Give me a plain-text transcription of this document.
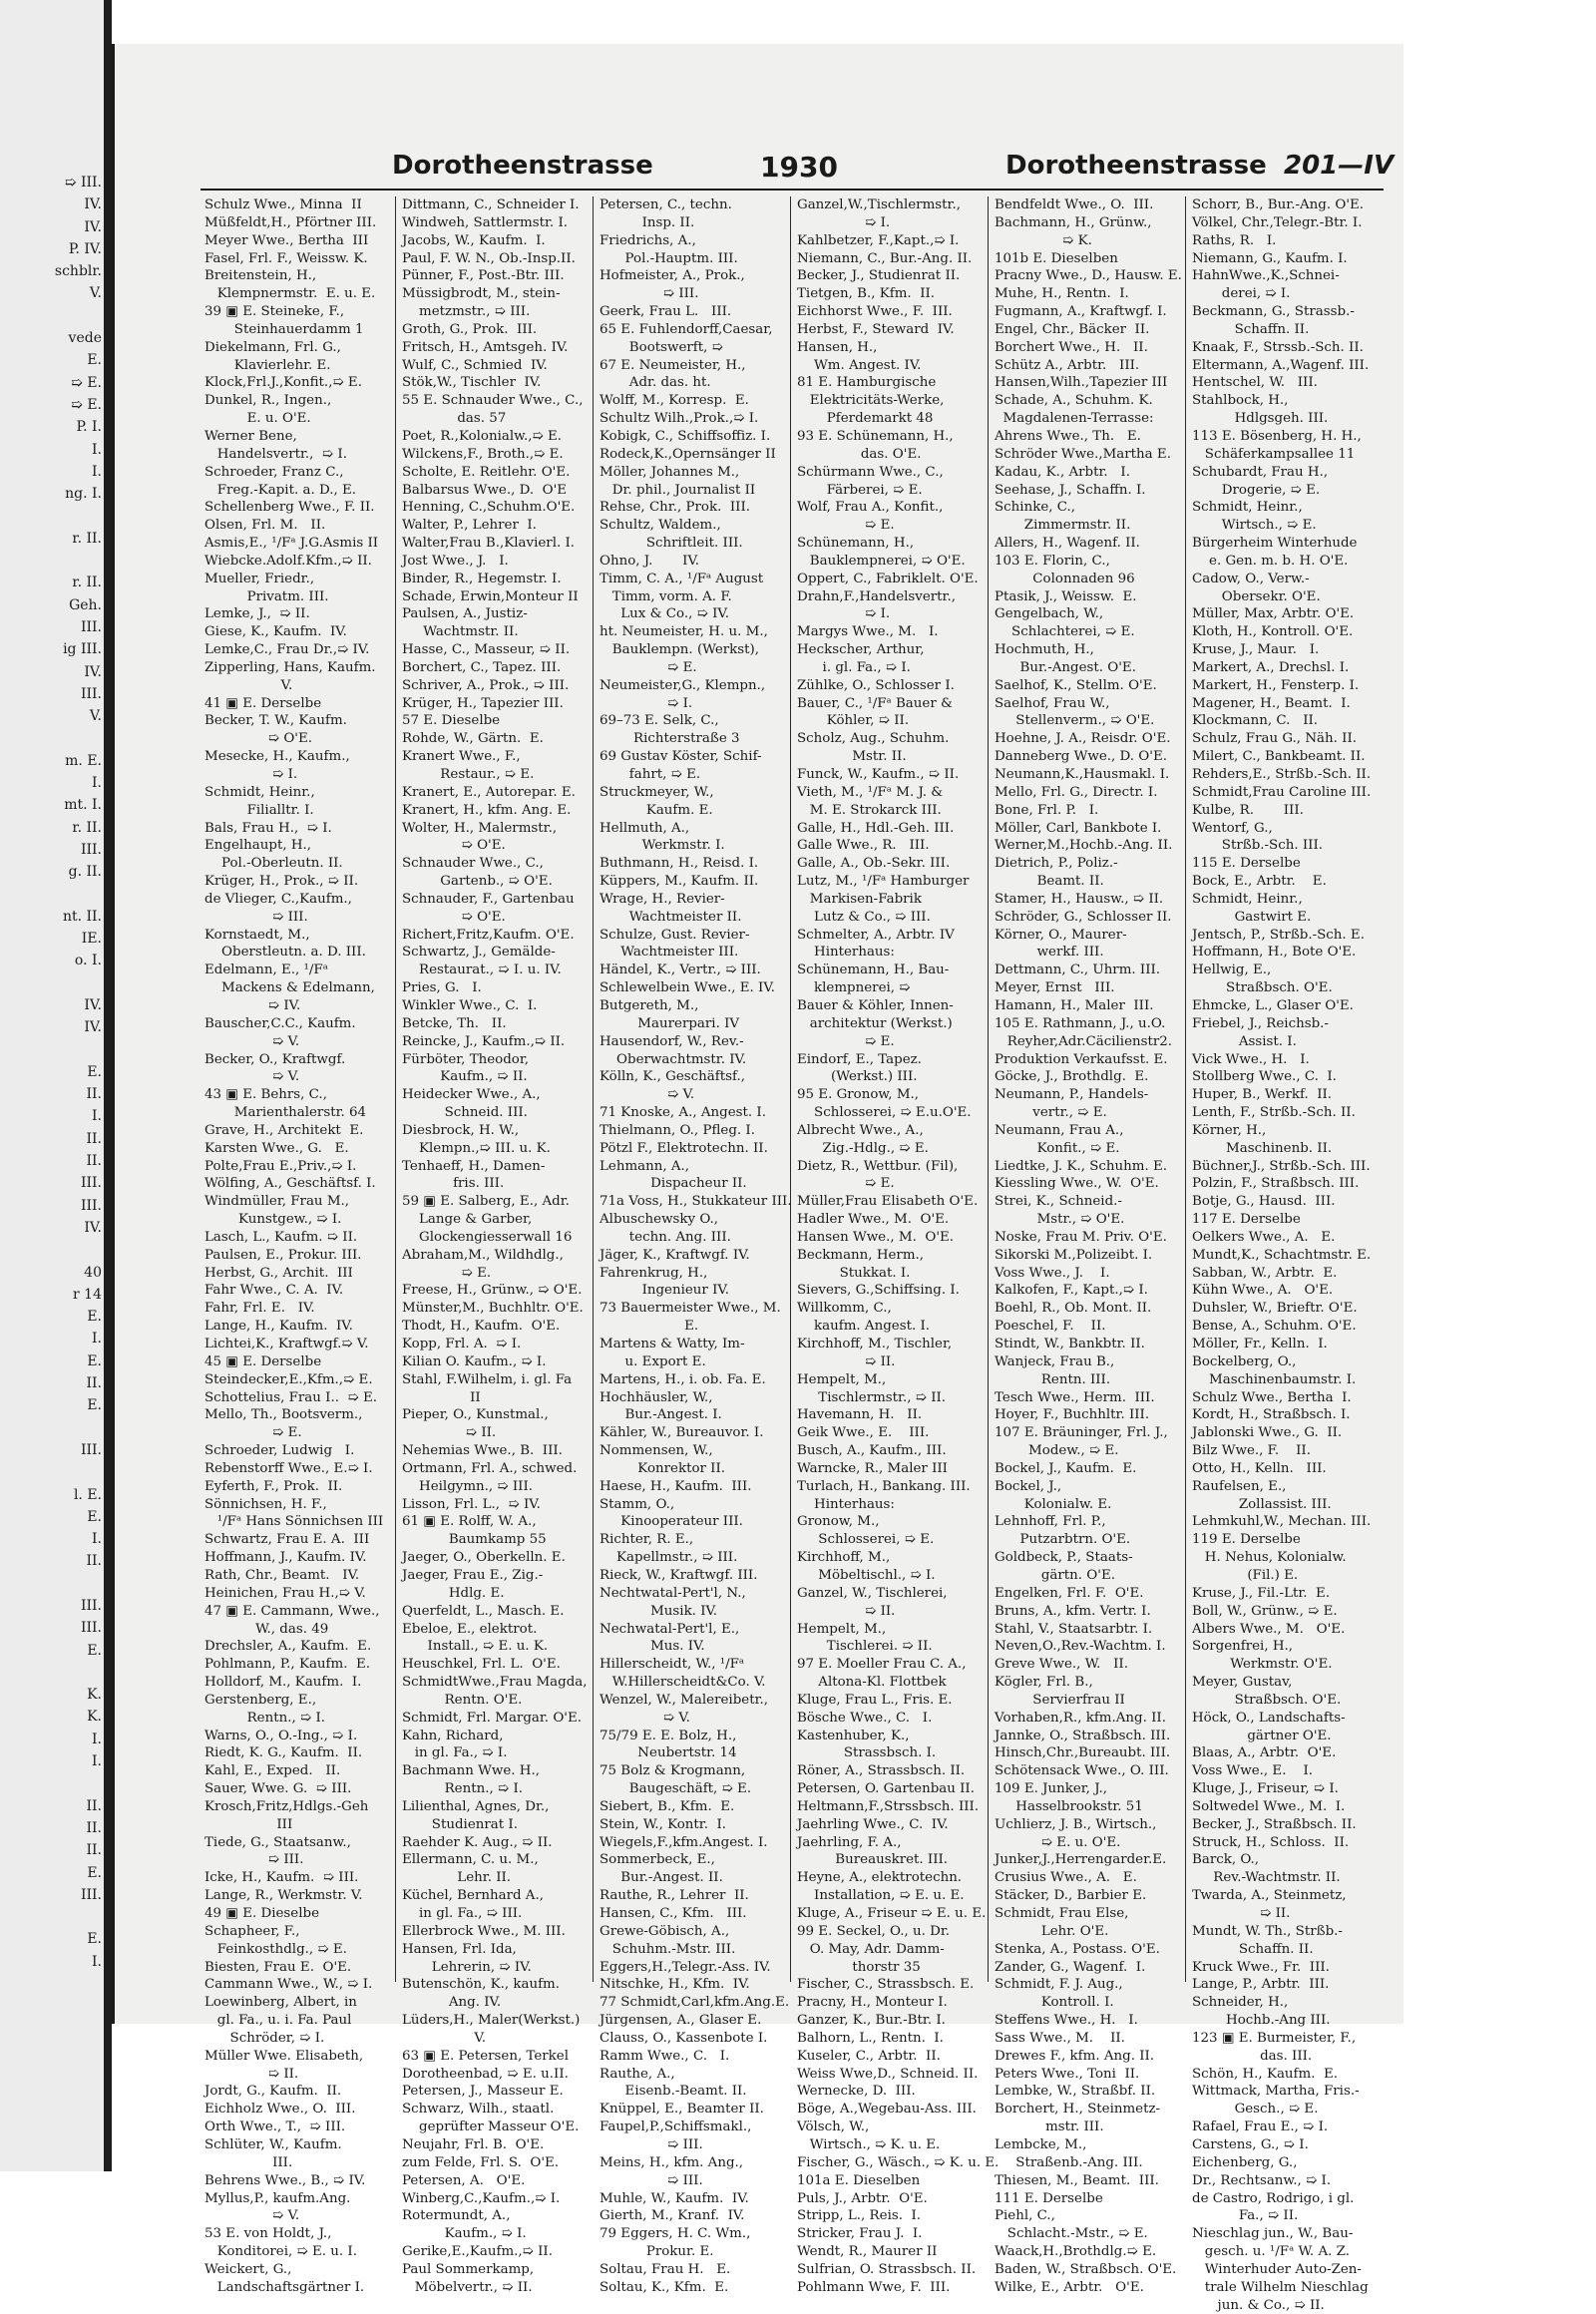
➯ III.
IV.
IV.
P. IV.
schblr.
V.

vede
E.
➯ E.
➯ E.
P. I.
I.
I.
ng. I.

r. II.

r. II.
Geh.
III.
ig III.
IV.
III.
V.

m. E.
I.
mt. I.
r. II.
III.
g. II.

nt. II.
IE.
o. I.

IV.
IV.

E.
II.
I.
II.
II.
III.
III.
IV.

40
r 14
E.
I.
E.
II.
E.

III.

l. E.
E.
I.
II.

III.
III.
E.

K.
K.
I.
I.

II.
II.
II.
E.
III.

E.
I.
Dorotheenstrasse	1930	Dorotheenstrasse 201—IV
Schulz Wwe., Minna  II
Müßfeldt,H., Pförtner III.
Meyer Wwe., Bertha  III
Fasel, Frl. F., Weissw. K.
Breitenstein, H.,
Klempnermstr.  E. u. E.
39 ▣ E. Steineke, F.,
Steinhauerdamm 1
Diekelmann, Frl. G.,
Klavierlehr. E.
Klock,Frl.J.,Konfit.,➯ E.
Dunkel, R., Ingen.,
E. u. O'E.
Werner Bene,
Handelsvertr.,  ➯ I.
Schroeder, Franz C.,
Freg.-Kapit. a. D., E.
Schellenberg Wwe., F. II.
Olsen, Frl. M.   II.
Asmis,E., ¹/Fᵃ J.G.Asmis II
Wiebcke.Adolf.Kfm.,➯ II.
Mueller, Friedr.,
Privatm. III.
Lemke, J.,  ➯ II.
Giese, K., Kaufm.  IV.
Lemke,C., Frau Dr.,➯ IV.
Zipperling, Hans, Kaufm.
V.
41 ▣ E. Derselbe
Becker, T. W., Kaufm.
➯ O'E.
Mesecke, H., Kaufm.,
➯ I.
Schmidt, Heinr.,
Filialltr. I.
Bals, Frau H.,  ➯ I.
Engelhaupt, H.,
Pol.-Oberleutn. II.
Krüger, H., Prok., ➯ II.
de Vlieger, C.,Kaufm.,
➯ III.
Kornstaedt, M.,
Oberstleutn. a. D. III.
Edelmann, E., ¹/Fᵃ
Mackens & Edelmann,
➯ IV.
Bauscher,C.C., Kaufm.
➯ V.
Becker, O., Kraftwgf.
➯ V.
43 ▣ E. Behrs, C.,
Marienthalerstr. 64
Grave, H., Architekt  E.
Karsten Wwe., G.   E.
Polte,Frau E.,Priv.,➯ I.
Wölfing, A., Geschäftsf. I.
Windmüller, Frau M.,
Kunstgew., ➯ I.
Lasch, L., Kaufm. ➯ II.
Paulsen, E., Prokur. III.
Herbst, G., Archit.  III
Fahr Wwe., C. A.  IV.
Fahr, Frl. E.   IV.
Lange, H., Kaufm.  IV.
Lichtei,K., Kraftwgf.➯ V.
45 ▣ E. Derselbe
Steindecker,E.,Kfm.,➯ E.
Schottelius, Frau I..  ➯ E.
Mello, Th., Bootsverm.,
➯ E.
Schroeder, Ludwig   I.
Rebenstorff Wwe., E.➯ I.
Eyferth, F., Prok.  II.
Sönnichsen, H. F.,
¹/Fᵃ Hans Sönnichsen III
Schwartz, Frau E. A.  III
Hoffmann, J., Kaufm. IV.
Rath, Chr., Beamt.   IV.
Heinichen, Frau H.,➯ V.
47 ▣ E. Cammann, Wwe.,
W., das. 49
Drechsler, A., Kaufm.  E.
Pohlmann, P., Kaufm.  E.
Holldorf, M., Kaufm.  I.
Gerstenberg, E.,
Rentn., ➯ I.
Warns, O., O.-Ing., ➯ I.
Riedt, K. G., Kaufm.  II.
Kahl, E., Exped.   II.
Sauer, Wwe. G.  ➯ III.
Krosch,Fritz,Hdlgs.-Geh
III
Tiede, G., Staatsanw.,
➯ III.
Icke, H., Kaufm.  ➯ III.
Lange, R., Werkmstr. V.
49 ▣ E. Dieselbe
Schapheer, F.,
Feinkosthdlg., ➯ E.
Biesten, Frau E.  O'E.
Cammann Wwe., W., ➯ I.
Loewinberg, Albert, in
gl. Fa., u. i. Fa. Paul
Schröder, ➯ I.
Müller Wwe. Elisabeth,
➯ II.
Jordt, G., Kaufm.  II.
Eichholz Wwe., O.  III.
Orth Wwe., T.,  ➯ III.
Schlüter, W., Kaufm.
III.
Behrens Wwe., B., ➯ IV.
Myllus,P., kaufm.Ang.
➯ V.
53 E. von Holdt, J.,
Konditorei, ➯ E. u. I.
Weickert, G.,
Landschaftsgärtner I.
Dittmann, C., Schneider I.
Windweh, Sattlermstr. I.
Jacobs, W., Kaufm.  I.
Paul, F. W. N., Ob.-Insp.II.
Pünner, F., Post.-Btr. III.
Müssigbrodt, M., stein-
metzmstr., ➯ III.
Groth, G., Prok.  III.
Fritsch, H., Amtsgeh. IV.
Wulf, C., Schmied  IV.
Stök,W., Tischler  IV.
55 E. Schnauder Wwe., C.,
das. 57
Poet, R.,Kolonialw.,➯ E.
Wilckens,F., Broth.,➯ E.
Scholte, E. Reitlehr. O'E.
Balbarsus Wwe., D.  O'E
Henning, C.,Schuhm.O'E.
Walter, P., Lehrer  I.
Walter,Frau B.,Klavierl. I.
Jost Wwe., J.   I.
Binder, R., Hegemstr. I.
Schade, Erwin,Monteur II
Paulsen, A., Justiz-
Wachtmstr. II.
Hasse, C., Masseur, ➯ II.
Borchert, C., Tapez. III.
Schriver, A., Prok., ➯ III.
Krüger, H., Tapezier III.
57 E. Dieselbe
Rohde, W., Gärtn.  E.
Kranert Wwe., F.,
Restaur., ➯ E.
Kranert, E., Autorepar. E.
Kranert, H., kfm. Ang. E.
Wolter, H., Malermstr.,
➯ O'E.
Schnauder Wwe., C.,
Gartenb., ➯ O'E.
Schnauder, F., Gartenbau
➯ O'E.
Richert,Fritz,Kaufm. O'E.
Schwartz, J., Gemälde-
Restaurat., ➯ I. u. IV.
Pries, G.   I.
Winkler Wwe., C.  I.
Betcke, Th.   II.
Reincke, J., Kaufm.,➯ II.
Fürböter, Theodor,
Kaufm., ➯ II.
Heidecker Wwe., A.,
Schneid. III.
Diesbrock, H. W.,
Klempn.,➯ III. u. K.
Tenhaeff, H., Damen-
fris. III.
59 ▣ E. Salberg, E., Adr.
Lange & Garber,
Glockengiesserwall 16
Abraham,M., Wildhdlg.,
➯ E.
Freese, H., Grünw., ➯ O'E.
Münster,M., Buchhltr. O'E.
Thodt, H., Kaufm.  O'E.
Kopp, Frl. A.  ➯ I.
Kilian O. Kaufm., ➯ I.
Stahl, F.Wilhelm, i. gl. Fa
II
Pieper, O., Kunstmal.,
➯ II.
Nehemias Wwe., B.  III.
Ortmann, Frl. A., schwed.
Heilgymn., ➯ III.
Lisson, Frl. L.,  ➯ IV.
61 ▣ E. Rolff, W. A.,
Baumkamp 55
Jaeger, O., Oberkelln. E.
Jaeger, Frau E., Zig.-
Hdlg. E.
Querfeldt, L., Masch. E.
Ebeloe, E., elektrot.
Install., ➯ E. u. K.
Heuschkel, Frl. L.  O'E.
SchmidtWwe.,Frau Magda,
Rentn. O'E.
Schmidt, Frl. Margar. O'E.
Kahn, Richard,
in gl. Fa., ➯ I.
Bachmann Wwe. H.,
Rentn., ➯ I.
Lilienthal, Agnes, Dr.,
Studienrat I.
Raehder K. Aug., ➯ II.
Ellermann, C. u. M.,
Lehr. II.
Küchel, Bernhard A.,
in gl. Fa., ➯ III.
Ellerbrock Wwe., M. III.
Hansen, Frl. Ida,
Lehrerin, ➯ IV.
Butenschön, K., kaufm.
Ang. IV.
Lüders,H., Maler(Werkst.)
V.
63 ▣ E. Petersen, Terkel
Dorotheenbad, ➯ E. u.II.
Petersen, J., Masseur E.
Schwarz, Wilh., staatl.
geprüfter Masseur O'E.
Neujahr, Frl. B.  O'E.
zum Felde, Frl. S.  O'E.
Petersen, A.   O'E.
Winberg,C.,Kaufm.,➯ I.
Rotermundt, A.,
Kaufm., ➯ I.
Gerike,E.,Kaufm.,➯ II.
Paul Sommerkamp,
Möbelvertr., ➯ II.
Petersen, C., techn.
Insp. II.
Friedrichs, A.,
Pol.-Hauptm. III.
Hofmeister, A., Prok.,
➯ III.
Geerk, Frau L.   III.
65 E. Fuhlendorff,Caesar,
Bootswerft, ➯
67 E. Neumeister, H.,
Adr. das. ht.
Wolff, M., Korresp.  E.
Schultz Wilh.,Prok.,➯ I.
Kobigk, C., Schiffsoffiz. I.
Rodeck,K.,Opernsänger II
Möller, Johannes M.,
Dr. phil., Journalist II
Rehse, Chr., Prok.  III.
Schultz, Waldem.,
Schriftleit. III.
Ohno, J.       IV.
Timm, C. A., ¹/Fᵃ August
Timm, vorm. A. F.
Lux & Co., ➯ IV.
ht. Neumeister, H. u. M.,
Bauklempn. (Werkst),
➯ E.
Neumeister,G., Klempn.,
➯ I.
69–73 E. Selk, C.,
Richterstraße 3
69 Gustav Köster, Schif-
fahrt, ➯ E.
Struckmeyer, W.,
Kaufm. E.
Hellmuth, A.,
Werkmstr. I.
Buthmann, H., Reisd. I.
Küppers, M., Kaufm. II.
Wrage, H., Revier-
Wachtmeister II.
Schulze, Gust. Revier-
Wachtmeister III.
Händel, K., Vertr., ➯ III.
Schlewelbein Wwe., E. IV.
Butgereth, M.,
Maurerpari. IV
Hausendorf, W., Rev.-
Oberwachtmstr. IV.
Kölln, K., Geschäftsf.,
➯ V.
71 Knoske, A., Angest. I.
Thielmann, O., Pfleg. I.
Pötzl F., Elektrotechn. II.
Lehmann, A.,
Dispacheur II.
71a Voss, H., Stukkateur III.
Albuschewsky O.,
techn. Ang. III.
Jäger, K., Kraftwgf. IV.
Fahrenkrug, H.,
Ingenieur IV.
73 Bauermeister Wwe., M.
E.
Martens & Watty, Im-
u. Export E.
Martens, H., i. ob. Fa. E.
Hochhäusler, W.,
Bur.-Angest. I.
Kähler, W., Bureauvor. I.
Nommensen, W.,
Konrektor II.
Haese, H., Kaufm.  III.
Stamm, O.,
Kinooperateur III.
Richter, R. E.,
Kapellmstr., ➯ III.
Rieck, W., Kraftwgf. III.
Nechtwatal-Pert'l, N.,
Musik. IV.
Nechwatal-Pert'l, E.,
Mus. IV.
Hillerscheidt, W., ¹/Fᵃ
W.Hillerscheidt&Co. V.
Wenzel, W., Malereibetr.,
➯ V.
75/79 E. E. Bolz, H.,
Neubertstr. 14
75 Bolz & Krogmann,
Baugeschäft, ➯ E.
Siebert, B., Kfm.  E.
Stein, W., Kontr.  I.
Wiegels,F.,kfm.Angest. I.
Sommerbeck, E.,
Bur.-Angest. II.
Rauthe, R., Lehrer  II.
Hansen, C., Kfm.   III.
Grewe-Göbisch, A.,
Schuhm.-Mstr. III.
Eggers,H.,Telegr.-Ass. IV.
Nitschke, H., Kfm.  IV.
77 Schmidt,Carl,kfm.Ang.E.
Jürgensen, A., Glaser E.
Clauss, O., Kassenbote I.
Ramm Wwe., C.   I.
Rauthe, A.,
Eisenb.-Beamt. II.
Knüppel, E., Beamter II.
Faupel,P.,Schiffsmakl.,
➯ III.
Meins, H., kfm. Ang.,
➯ III.
Muhle, W., Kaufm.  IV.
Gierth, M., Kranf.  IV.
79 Eggers, H. C. Wm.,
Prokur. E.
Soltau, Frau H.   E.
Soltau, K., Kfm.  E.
Ganzel,W.,Tischlermstr.,
➯ I.
Kahlbetzer, F.,Kapt.,➯ I.
Niemann, C., Bur.-Ang. II.
Becker, J., Studienrat II.
Tietgen, B., Kfm.  II.
Eichhorst Wwe., F.  III.
Herbst, F., Steward  IV.
Hansen, H.,
Wm. Angest. IV.
81 E. Hamburgische
Elektricitäts-Werke,
Pferdemarkt 48
93 E. Schünemann, H.,
das. O'E.
Schürmann Wwe., C.,
Färberei, ➯ E.
Wolf, Frau A., Konfit.,
➯ E.
Schünemann, H.,
Bauklempnerei, ➯ O'E.
Oppert, C., Fabriklelt. O'E.
Drahn,F.,Handelsvertr.,
➯ I.
Margys Wwe., M.   I.
Heckscher, Arthur,
i. gl. Fa., ➯ I.
Zühlke, O., Schlosser I.
Bauer, C., ¹/Fᵃ Bauer &
Köhler, ➯ II.
Scholz, Aug., Schuhm.
Mstr. II.
Funck, W., Kaufm., ➯ II.
Vieth, M., ¹/Fᵃ M. J. &
M. E. Strokarck III.
Galle, H., Hdl.-Geh. III.
Galle Wwe., R.   III.
Galle, A., Ob.-Sekr. III.
Lutz, M., ¹/Fᵃ Hamburger
Markisen-Fabrik
Lutz & Co., ➯ III.
Schmelter, A., Arbtr. IV
Hinterhaus:
Schünemann, H., Bau-
klempnerei, ➯
Bauer & Köhler, Innen-
architektur (Werkst.)
➯ E.
Eindorf, E., Tapez.
(Werkst.) III.
95 E. Gronow, M.,
Schlosserei, ➯ E.u.O'E.
Albrecht Wwe., A.,
Zig.-Hdlg., ➯ E.
Dietz, R., Wettbur. (Fil),
➯ E.
Müller,Frau Elisabeth O'E.
Hadler Wwe., M.  O'E.
Hansen Wwe., M.  O'E.
Beckmann, Herm.,
Stukkat. I.
Sievers, G.,Schiffsing. I.
Willkomm, C.,
kaufm. Angest. I.
Kirchhoff, M., Tischler,
➯ II.
Hempelt, M.,
Tischlermstr., ➯ II.
Havemann, H.   II.
Geik Wwe., E.    III.
Busch, A., Kaufm., III.
Warncke, R., Maler III
Turlach, H., Bankang. III.
Hinterhaus:
Gronow, M.,
Schlosserei, ➯ E.
Kirchhoff, M.,
Möbeltischl., ➯ I.
Ganzel, W., Tischlerei,
➯ II.
Hempelt, M.,
Tischlerei. ➯ II.
97 E. Moeller Frau C. A.,
Altona-Kl. Flottbek
Kluge, Frau L., Fris. E.
Bösche Wwe., C.   I.
Kastenhuber, K.,
Strassbsch. I.
Röner, A., Strassbsch. II.
Petersen, O. Gartenbau II.
Heltmann,F.,Strssbsch. III.
Jaehrling Wwe., C.  IV.
Jaehrling, F. A.,
Bureauskret. III.
Heyne, A., elektrotechn.
Installation, ➯ E. u. E.
Kluge, A., Friseur ➯ E. u. E.
99 E. Seckel, O., u. Dr.
O. May, Adr. Damm-
thorstr 35
Fischer, C., Strassbsch. E.
Pracny, H., Monteur I.
Ganzer, K., Bur.-Btr. I.
Balhorn, L., Rentn.  I.
Kuseler, C., Arbtr.  II.
Weiss Wwe,D., Schneid. II.
Wernecke, D.  III.
Böge, A.,Wegebau-Ass. III.
Völsch, W.,
Wirtsch., ➯ K. u. E.
Fischer, G., Wäsch., ➯ K. u. E.
101a E. Dieselben
Puls, J., Arbtr.  O'E.
Stripp, L., Reis.  I.
Stricker, Frau J.  I.
Wendt, R., Maurer II
Sulfrian, O. Strassbsch. II.
Pohlmann Wwe, F.  III.
Bendfeldt Wwe., O.  III.
Bachmann, H., Grünw.,
➯ K.
101b E. Dieselben
Pracny Wwe., D., Hausw. E.
Muhe, H., Rentn.  I.
Fugmann, A., Kraftwgf. I.
Engel, Chr., Bäcker  II.
Borchert Wwe., H.   II.
Schütz A., Arbtr.   III.
Hansen,Wilh.,Tapezier III
Schade, A., Schuhm. K.
Magdalenen-Terrasse:
Ahrens Wwe., Th.   E.
Schröder Wwe.,Martha E.
Kadau, K., Arbtr.   I.
Seehase, J., Schaffn. I.
Schinke, C.,
Zimmermstr. II.
Allers, H., Wagenf. II.
103 E. Florin, C.,
Colonnaden 96
Ptasik, J., Weissw.  E.
Gengelbach, W.,
Schlachterei, ➯ E.
Hochmuth, H.,
Bur.-Angest. O'E.
Saelhof, K., Stellm. O'E.
Saelhof, Frau W.,
Stellenverm., ➯ O'E.
Hoehne, J. A., Reisdr. O'E.
Danneberg Wwe., D. O'E.
Neumann,K.,Hausmakl. I.
Mello, Frl. G., Directr. I.
Bone, Frl. P.   I.
Möller, Carl, Bankbote I.
Werner,M.,Hochb.-Ang. II.
Dietrich, P., Poliz.-
Beamt. II.
Stamer, H., Hausw., ➯ II.
Schröder, G., Schlosser II.
Körner, O., Maurer-
werkf. III.
Dettmann, C., Uhrm. III.
Meyer, Ernst   III.
Hamann, H., Maler  III.
105 E. Rathmann, J., u.O.
Reyher,Adr.Cäcilienstr2.
Produktion Verkaufsst. E.
Göcke, J., Brothdlg.  E.
Neumann, P., Handels-
vertr., ➯ E.
Neumann, Frau A.,
Konfit., ➯ E.
Liedtke, J. K., Schuhm. E.
Kiessling Wwe., W.  O'E.
Strei, K., Schneid.-
Mstr., ➯ O'E.
Noske, Frau M. Priv. O'E.
Sikorski M.,Polizeibt. I.
Voss Wwe., J.    I.
Kalkofen, F., Kapt.,➯ I.
Boehl, R., Ob. Mont. II.
Poeschel, F.    II.
Stindt, W., Bankbtr. II.
Wanjeck, Frau B.,
Rentn. III.
Tesch Wwe., Herm.  III.
Hoyer, F., Buchhltr. III.
107 E. Bräuninger, Frl. J.,
Modew., ➯ E.
Bockel, J., Kaufm.  E.
Bockel, J.,
Kolonialw. E.
Lehnhoff, Frl. P.,
Putzarbtrn. O'E.
Goldbeck, P., Staats-
gärtn. O'E.
Engelken, Frl. F.  O'E.
Bruns, A., kfm. Vertr. I.
Stahl, V., Staatsarbtr. I.
Neven,O.,Rev.-Wachtm. I.
Greve Wwe., W.   II.
Kögler, Frl. B.,
Servierfrau II
Vorhaben,R., kfm.Ang. II.
Jannke, O., Straßbsch. III.
Hinsch,Chr.,Bureaubt. III.
Schötensack Wwe., O. III.
109 E. Junker, J.,
Hasselbrookstr. 51
Uchlierz, J. B., Wirtsch.,
➯ E. u. O'E.
Junker,J.,Herrengarder.E.
Crusius Wwe., A.   E.
Stäcker, D., Barbier E.
Schmidt, Frau Else,
Lehr. O'E.
Stenka, A., Postass. O'E.
Zander, G., Wagenf.  I.
Schmidt, F. J. Aug.,
Kontroll. I.
Steffens Wwe., H.   I.
Sass Wwe., M.    II.
Drewes F., kfm. Ang. II.
Peters Wwe., Toni  II.
Lembke, W., Straßbf. II.
Borchert, H., Steinmetz-
mstr. III.
Lembcke, M.,
Straßenb.-Ang. III.
Thiesen, M., Beamt.  III.
111 E. Derselbe
Piehl, C.,
Schlacht.-Mstr., ➯ E.
Waack,H.,Brothdlg.➯ E.
Baden, W., Straßbsch. O'E.
Wilke, E., Arbtr.   O'E.
Schorr, B., Bur.-Ang. O'E.
Völkel, Chr.,Telegr.-Btr. I.
Raths, R.   I.
Niemann, G., Kaufm. I.
HahnWwe.,K.,Schnei-
derei, ➯ I.
Beckmann, G., Strassb.-
Schaffn. II.
Knaak, F., Strssb.-Sch. II.
Eltermann, A.,Wagenf. III.
Hentschel, W.   III.
Stahlbock, H.,
Hdlgsgeh. III.
113 E. Bösenberg, H. H.,
Schäferkampsallee 11
Schubardt, Frau H.,
Drogerie, ➯ E.
Schmidt, Heinr.,
Wirtsch., ➯ E.
Bürgerheim Winterhude
e. Gen. m. b. H. O'E.
Cadow, O., Verw.-
Obersekr. O'E.
Müller, Max, Arbtr. O'E.
Kloth, H., Kontroll. O'E.
Kruse, J., Maur.   I.
Markert, A., Drechsl. I.
Markert, H., Fensterp. I.
Magener, H., Beamt.  I.
Klockmann, C.   II.
Schulz, Frau G., Näh. II.
Milert, C., Bankbeamt. II.
Rehders,E., Strßb.-Sch. II.
Schmidt,Frau Caroline III.
Kulbe, R.       III.
Wentorf, G.,
Strßb.-Sch. III.
115 E. Derselbe
Bock, E., Arbtr.    E.
Schmidt, Heinr.,
Gastwirt E.
Jentsch, P., Strßb.-Sch. E.
Hoffmann, H., Bote O'E.
Hellwig, E.,
Straßbsch. O'E.
Ehmcke, L., Glaser O'E.
Friebel, J., Reichsb.-
Assist. I.
Vick Wwe., H.   I.
Stollberg Wwe., C.  I.
Huper, B., Werkf.  II.
Lenth, F., Strßb.-Sch. II.
Körner, H.,
Maschinenb. II.
Büchner,J., Strßb.-Sch. III.
Polzin, F., Straßbsch. III.
Botje, G., Hausd.  III.
117 E. Derselbe
Oelkers Wwe., A.   E.
Mundt,K., Schachtmstr. E.
Sabban, W., Arbtr.  E.
Kühn Wwe., A.   O'E.
Duhsler, W., Brieftr. O'E.
Bense, A., Schuhm. O'E.
Möller, Fr., Kelln.  I.
Bockelberg, O.,
Maschinenbaumstr. I.
Schulz Wwe., Bertha  I.
Kordt, H., Straßbsch. I.
Jablonski Wwe., G.  II.
Bilz Wwe., F.    II.
Otto, H., Kelln.   III.
Raufelsen, E.,
Zollassist. III.
Lehmkuhl,W., Mechan. III.
119 E. Derselbe
H. Nehus, Kolonialw.
(Fil.) E.
Kruse, J., Fil.-Ltr.  E.
Boll, W., Grünw., ➯ E.
Albers Wwe., M.   O'E.
Sorgenfrei, H.,
Werkmstr. O'E.
Meyer, Gustav,
Straßbsch. O'E.
Höck, O., Landschafts-
gärtner O'E.
Blaas, A., Arbtr.  O'E.
Voss Wwe., E.    I.
Kluge, J., Friseur, ➯ I.
Soltwedel Wwe., M.  I.
Becker, J., Straßbsch. II.
Struck, H., Schloss.  II.
Barck, O.,
Rev.-Wachtmstr. II.
Twarda, A., Steinmetz,
➯ II.
Mundt, W. Th., Strßb.-
Schaffn. II.
Kruck Wwe., Fr.  III.
Lange, P., Arbtr.  III.
Schneider, H.,
Hochb.-Ang III.
123 ▣ E. Burmeister, F.,
das. III.
Schön, H., Kaufm.  E.
Wittmack, Martha, Fris.-
Gesch., ➯ E.
Rafael, Frau E., ➯ I.
Carstens, G., ➯ I.
Eichenberg, G.,
Dr., Rechtsanw., ➯ I.
de Castro, Rodrigo, i gl.
Fa., ➯ II.
Nieschlag jun., W., Bau-
gesch. u. ¹/Fᵃ W. A. Z.
Winterhuder Auto-Zen-
trale Wilhelm Nieschlag
jun. & Co., ➯ II.
